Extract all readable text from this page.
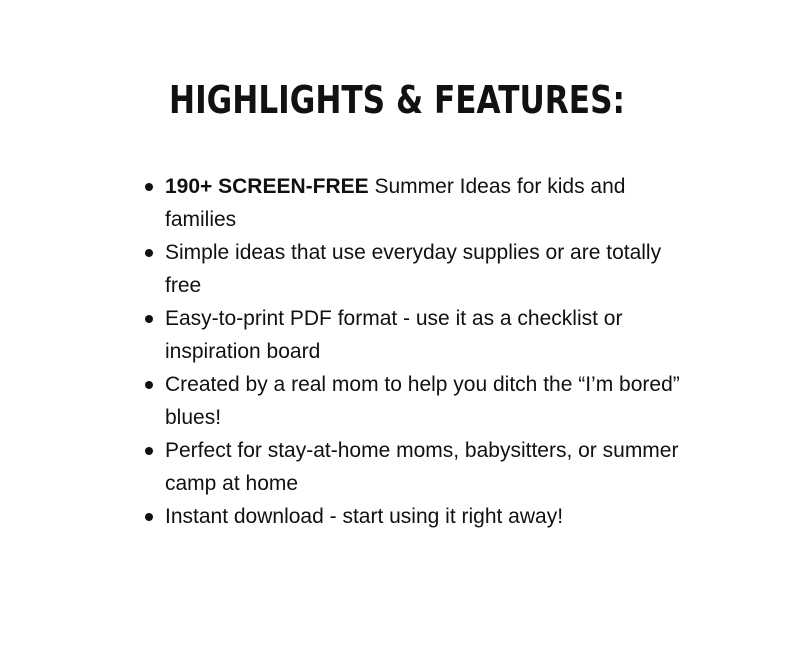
HIGHLIGHTS & FEATURES:
190+ SCREEN-FREE Summer Ideas for kids and families
Simple ideas that use everyday supplies or are totally free
Easy-to-print PDF format - use it as a checklist or inspiration board
Created by a real mom to help you ditch the “I’m bored” blues!
Perfect for stay-at-home moms, babysitters, or summer camp at home
Instant download - start using it right away!
